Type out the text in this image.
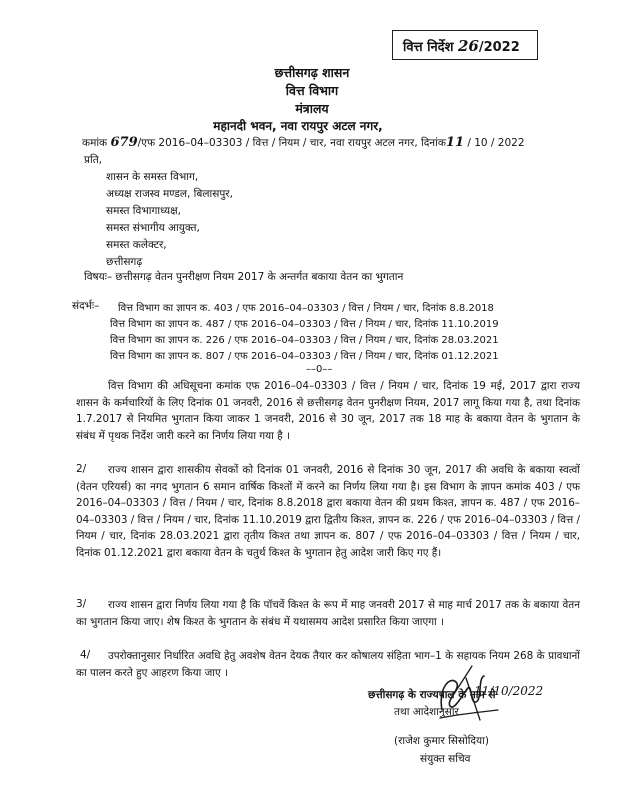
वित्त निर्देश 26/2022
छत्तीसगढ़ शासन
वित्त विभाग
मंत्रालय
महानदी भवन, नवा रायपुर अटल नगर,
कमांक 679/एफ 2016–04–03303 / वित्त / नियम / चार, नवा रायपुर अटल नगर, दिनांक11 / 10 / 2022
प्रति,
शासन के समस्त विभाग,
अध्यक्ष राजस्व मण्डल, बिलासपुर,
समस्त विभागाध्यक्ष,
समस्त संभागीय आयुक्त,
समस्त कलेक्टर,
छत्तीसगढ़
विषयः– छत्तीसगढ़ वेतन पुनरीक्षण नियम 2017 के अन्तर्गत बकाया वेतन का भुगतान
संदर्भः– वित्त विभाग का ज्ञापन क. 403 / एफ 2016–04–03303 / वित्त / नियम / चार, दिनांक 8.8.2018
वित्त विभाग का ज्ञापन क. 487 / एफ 2016–04–03303 / वित्त / नियम / चार, दिनांक 11.10.2019
वित्त विभाग का ज्ञापन क. 226 / एफ 2016–04–03303 / वित्त / नियम / चार, दिनांक 28.03.2021
वित्त विभाग का ज्ञापन क. 807 / एफ 2016–04–03303 / वित्त / नियम / चार, दिनांक 01.12.2021
––0––
वित्त विभाग की अधिसूचना कमांक एफ 2016–04–03303 / वित्त / नियम / चार, दिनांक 19 मई, 2017 द्वारा राज्य शासन के कर्मचारियों के लिए दिनांक 01 जनवरी, 2016 से छत्तीसगढ़ वेतन पुनरीक्षण नियम, 2017 लागू किया गया है, तथा दिनांक 1.7.2017 से नियमित भुगतान किया जाकर 1 जनवरी, 2016 से 30 जून, 2017 तक 18 माह के बकाया वेतन के भुगतान के संबंध में पृथक निर्देश जारी करने का निर्णय लिया गया है ।
2/	राज्य शासन द्वारा शासकीय सेवकों को दिनांक 01 जनवरी, 2016 से दिनांक 30 जून, 2017 की अवधि के बकाया स्वत्वों (वेतन एरियर्स) का नगद भुगतान 6 समान वार्षिक किश्तों में करने का निर्णय लिया गया है। इस विभाग के ज्ञापन कमांक 403 / एफ 2016–04–03303 / वित्त / नियम / चार, दिनांक 8.8.2018 द्वारा बकाया वेतन की प्रथम किश्त, ज्ञापन क. 487 / एफ 2016–04–03303 / वित्त / नियम / चार, दिनांक 11.10.2019 द्वारा द्वितीय किश्त, ज्ञापन क. 226 / एफ 2016–04–03303 / वित्त / नियम / चार, दिनांक 28.03.2021 द्वारा तृतीय किश्त तथा ज्ञापन क. 807 / एफ 2016–04–03303 / वित्त / नियम / चार, दिनांक 01.12.2021 द्वारा बकाया वेतन के चतुर्थ किश्त के भुगतान हेतु आदेश जारी किए गए हैं।
3/	राज्य शासन द्वारा निर्णय लिया गया है कि पॉचवें किश्त के रूप में माह जनवरी 2017 से माह मार्च 2017 तक के बकाया वेतन का भुगतान किया जाए। शेष किश्त के भुगतान के संबंध में यथासमय आदेश प्रसारित किया जाएगा ।
4/	उपरोक्तानुसार निर्धारित अवधि हेतु अवशेष वेतन देयक तैयार कर कोषालय संहिता भाग–1 के सहायक नियम 268 के प्रावधानों का पालन करते हुए आहरण किया जाए ।
छत्तीसगढ़ के राज्यपाल के नाम से
तथा आदेशानुसार
11/10/2022
(राजेश कुमार सिसोदिया)
संयुक्त सचिव
